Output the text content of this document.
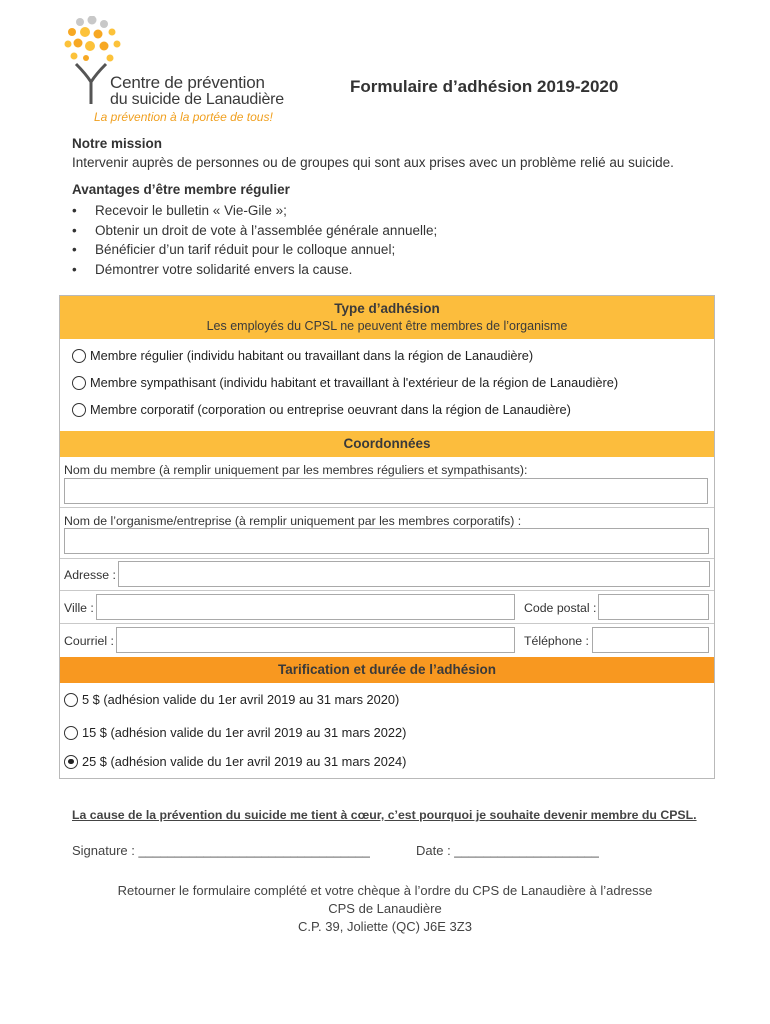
Centre de prévention
du suicide de Lanaudière
La prévention à la portée de tous!
Formulaire d’adhésion 2019-2020
Notre mission
Intervenir auprès de personnes ou de groupes qui sont aux prises avec un problème relié au suicide.
Avantages d’être membre régulier
• Recevoir le bulletin « Vie-Gile »;
• Obtenir un droit de vote à l’assemblée générale annuelle;
• Bénéficier d’un tarif réduit pour le colloque annuel;
• Démontrer votre solidarité envers la cause.
Type d’adhésion
Les employés du CPSL ne peuvent être membres de l’organisme
Membre régulier (individu habitant ou travaillant dans la région de Lanaudière)
Membre sympathisant (individu habitant et travaillant à l'extérieur de la région de Lanaudière)
Membre corporatif (corporation ou entreprise oeuvrant dans la région de Lanaudière)
Coordonnées
Nom du membre (à remplir uniquement par les membres réguliers et sympathisants):
Nom de l’organisme/entreprise (à remplir uniquement par les membres corporatifs) :
Adresse :
Ville :	Code postal :
Courriel :	Téléphone :
Tarification et durée de l’adhésion
5 $ (adhésion valide du 1er avril 2019 au 31 mars 2020)
15 $ (adhésion valide du 1er avril 2019 au 31 mars 2022)
25 $ (adhésion valide du 1er avril 2019 au 31 mars 2024)
La cause de la prévention du suicide me tient à cœur, c’est pourquoi je souhaite devenir membre du CPSL.
Signature : ________________________________	Date : ____________________
Retourner le formulaire complété et votre chèque à l’ordre du CPS de Lanaudière à l’adresse
CPS de Lanaudière
C.P. 39, Joliette (QC) J6E 3Z3
